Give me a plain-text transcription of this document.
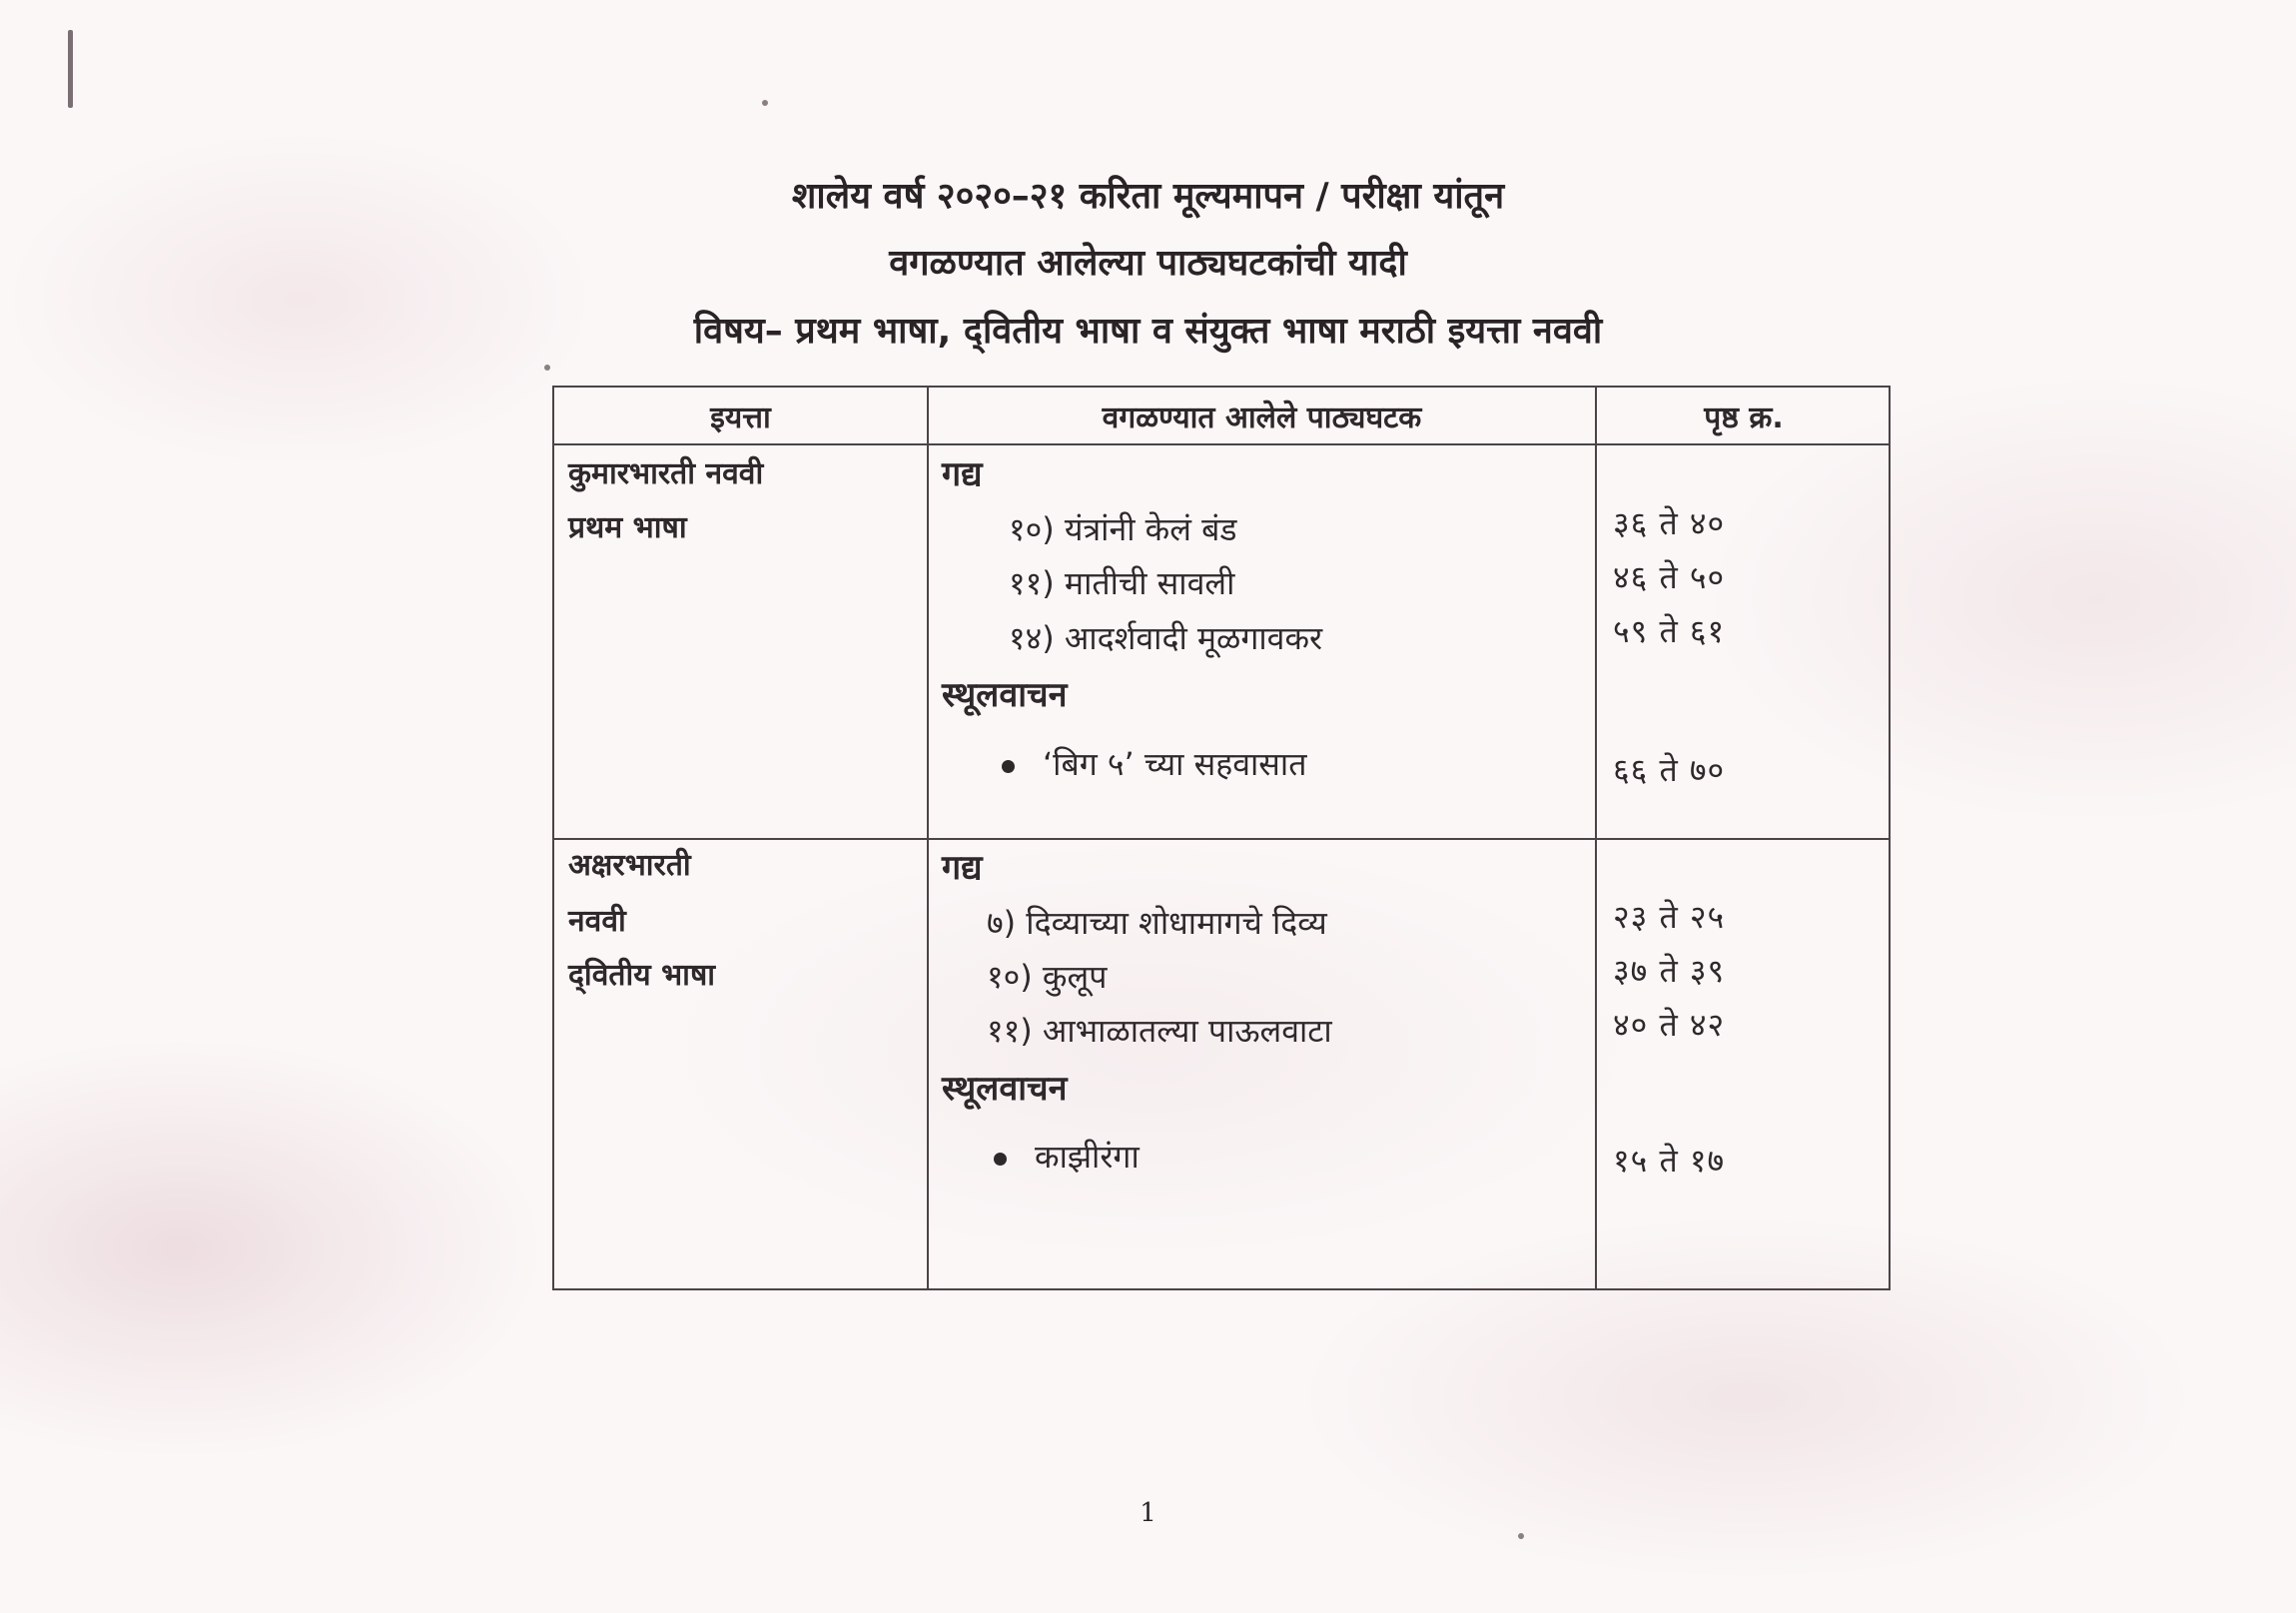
शालेय वर्ष २०२०–२१ करिता मूल्यमापन / परीक्षा यांतून
वगळण्यात आलेल्या पाठ्यघटकांची यादी
विषय– प्रथम भाषा, द्‌वितीय भाषा व संयुक्त भाषा मराठी इयत्ता नववी
इयत्ता	वगळण्यात आलेले पाठ्यघटक	पृष्ठ क्र.
कुमारभारती नववी
प्रथम भाषा
गद्य
१०) यंत्रांनी केलं बंड
११) मातीची सावली
१४) आदर्शवादी मूळगावकर
स्थूलवाचन
‘बिग ५’ च्या सहवासात
३६ ते ४०
४६ ते ५०
५९ ते ६१
६६ ते ७०
अक्षरभारती
नववी
द्‌वितीय भाषा
गद्य
७) दिव्याच्या शोधामागचे दिव्य
१०) कुलूप
११) आभाळातल्या पाऊलवाटा
स्थूलवाचन
काझीरंगा
२३ ते २५
३७ ते ३९
४० ते ४२
१५ ते १७
1
